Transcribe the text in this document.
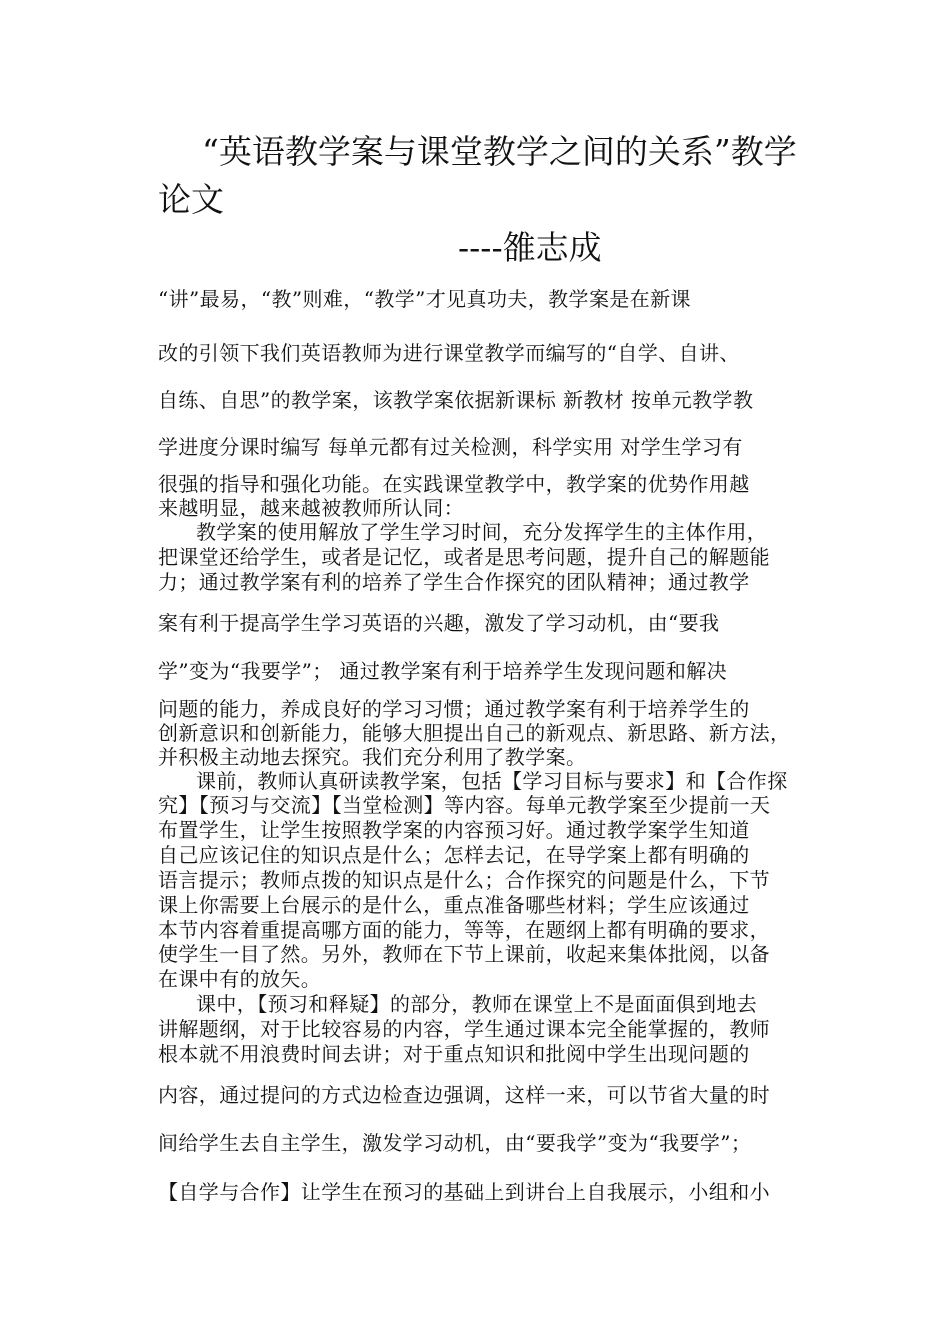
“英语教学案与课堂教学之间的关系”教学论文
----雒志成
“讲”最易，“教”则难，“教学”才见真功夫，教学案是在新课
改的引领下我们英语教师为进行课堂教学而编写的“自学、自讲、
自练、自思”的教学案，该教学案依据新课标 新教材 按单元教学教
学进度分课时编写 每单元都有过关检测，科学实用 对学生学习有
很强的指导和强化功能。在实践课堂教学中，教学案的优势作用越
来越明显，越来越被教师所认同：
教学案的使用解放了学生学习时间，充分发挥学生的主体作用，
把课堂还给学生，或者是记忆，或者是思考问题，提升自己的解题能
力；通过教学案有利的培养了学生合作探究的团队精神；通过教学
案有利于提高学生学习英语的兴趣，激发了学习动机，由“要我
学”变为“我要学”； 通过教学案有利于培养学生发现问题和解决
问题的能力，养成良好的学习习惯；通过教学案有利于培养学生的
创新意识和创新能力，能够大胆提出自己的新观点、新思路、新方法，
并积极主动地去探究。我们充分利用了教学案。
课前，教师认真研读教学案，包括【学习目标与要求】和【合作探
究】【预习与交流】【当堂检测】等内容。每单元教学案至少提前一天
布置学生，让学生按照教学案的内容预习好。通过教学案学生知道
自己应该记住的知识点是什么；怎样去记，在导学案上都有明确的
语言提示；教师点拨的知识点是什么；合作探究的问题是什么，下节
课上你需要上台展示的是什么，重点准备哪些材料；学生应该通过
本节内容着重提高哪方面的能力，等等，在题纲上都有明确的要求，
使学生一目了然。另外，教师在下节上课前，收起来集体批阅，以备
在课中有的放矢。
课中，【预习和释疑】的部分，教师在课堂上不是面面俱到地去
讲解题纲，对于比较容易的内容，学生通过课本完全能掌握的，教师
根本就不用浪费时间去讲；对于重点知识和批阅中学生出现问题的
内容，通过提问的方式边检查边强调，这样一来，可以节省大量的时
间给学生去自主学生，激发学习动机，由“要我学”变为“我要学”；
【自学与合作】让学生在预习的基础上到讲台上自我展示，小组和小
